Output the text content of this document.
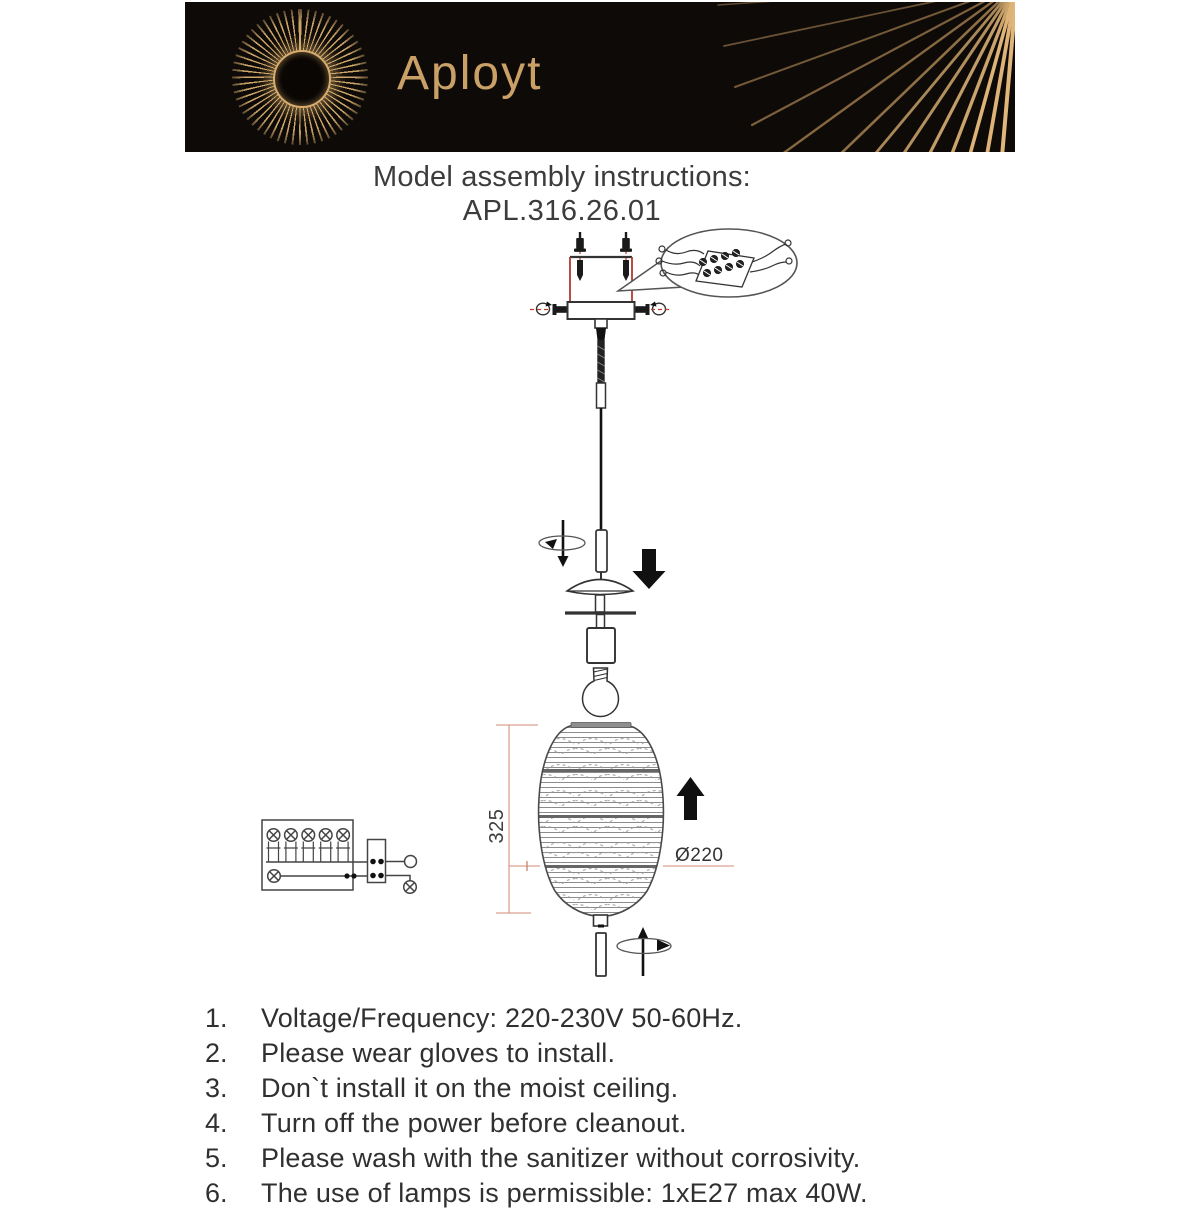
Aployt
Model assembly instructions:
APL.316.26.01
325
Ø220
1.	Voltage/Frequency: 220-230V 50-60Hz.
2.	Please wear gloves to install.
3.	Don`t install it on the moist ceiling.
4.	Turn off the power before cleanout.
5.	Please wash with the sanitizer without corrosivity.
6.	The use of lamps is permissible: 1xE27 max 40W.
